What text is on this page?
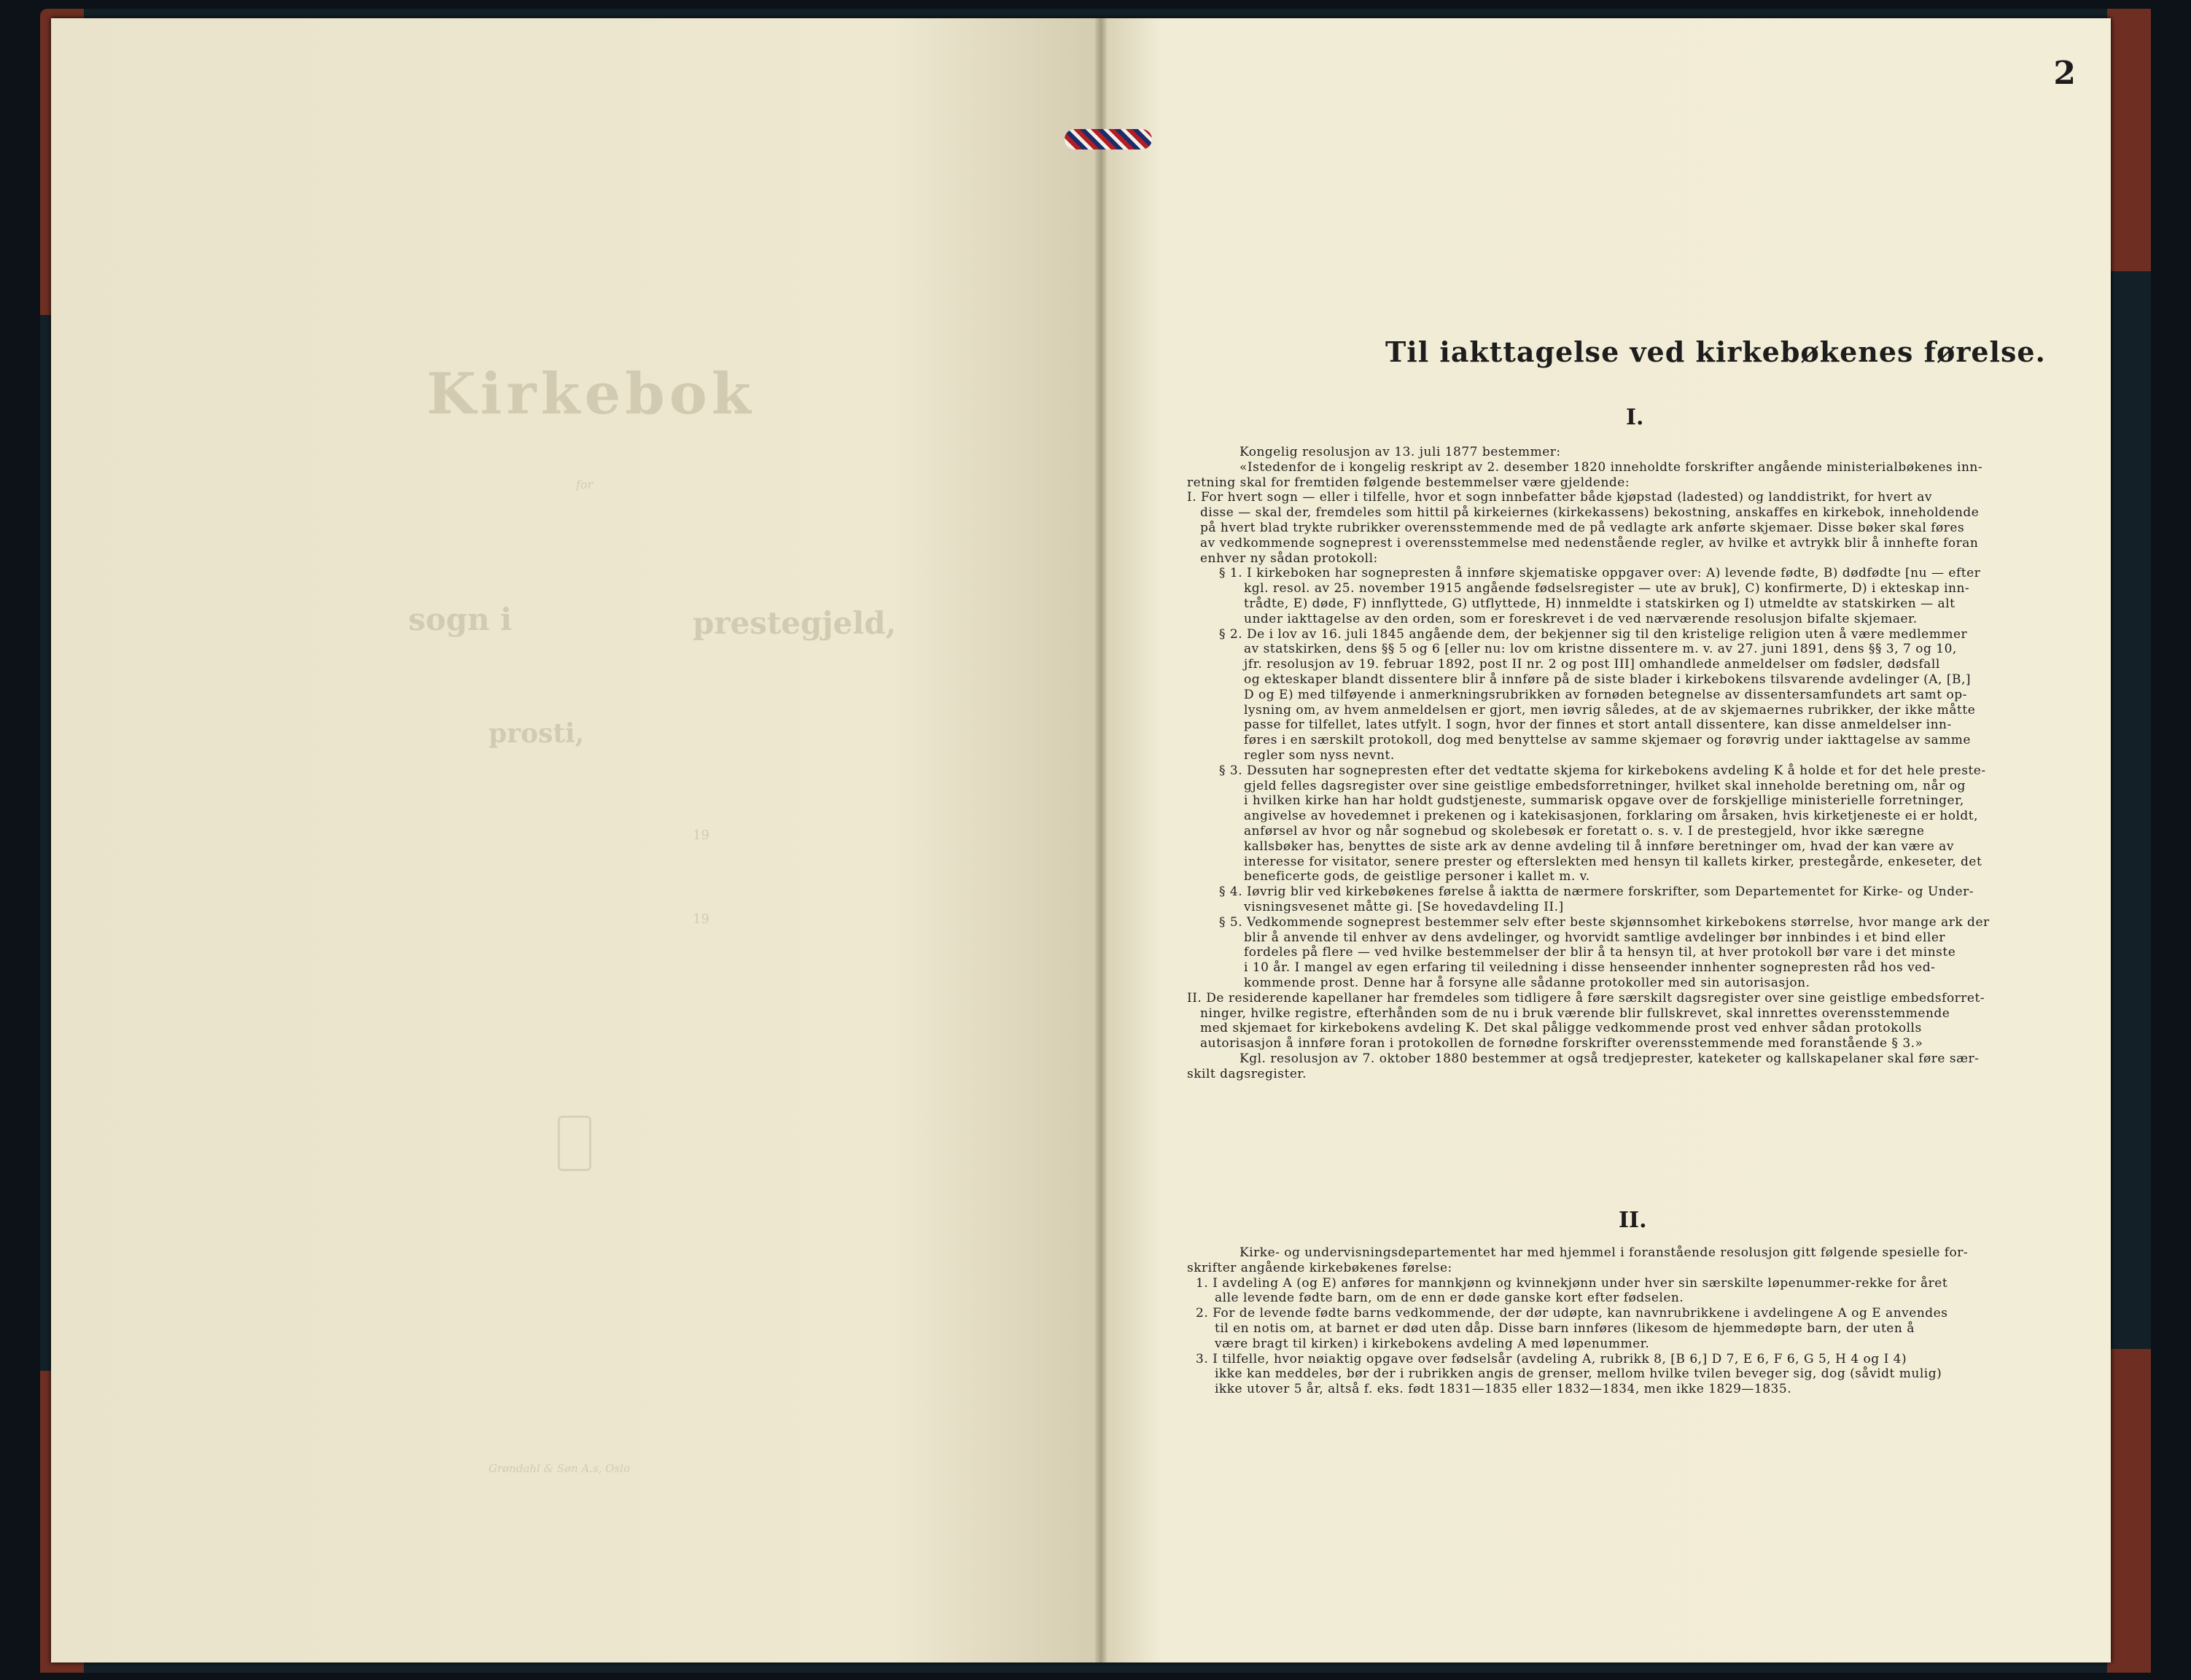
Kirkebok
for
sogn i	prestegjeld,
prosti,
19
19
Grøndahl & Søn A.s, Oslo
2
Til iakttagelse ved kirkebøkenes førelse.
I.
Kongelig resolusjon av 13. juli 1877 bestemmer:
«Istedenfor de i kongelig reskript av 2. desember 1820 inneholdte forskrifter angående ministerialbøkenes inn-
retning skal for fremtiden følgende bestemmelser være gjeldende:
I. For hvert sogn — eller i tilfelle, hvor et sogn innbefatter både kjøpstad (ladested) og landdistrikt, for hvert av
disse — skal der, fremdeles som hittil på kirkeiernes (kirkekassens) bekostning, anskaffes en kirkebok, inneholdende
på hvert blad trykte rubrikker overensstemmende med de på vedlagte ark anførte skjemaer. Disse bøker skal føres
av vedkommende sogneprest i overensstemmelse med nedenstående regler, av hvilke et avtrykk blir å innhefte foran
enhver ny sådan protokoll:
§ 1. I kirkeboken har sognepresten å innføre skjematiske oppgaver over: A) levende fødte, B) dødfødte [nu — efter
kgl. resol. av 25. november 1915 angående fødselsregister — ute av bruk], C) konfirmerte, D) i ekteskap inn-
trådte, E) døde, F) innflyttede, G) utflyttede, H) innmeldte i statskirken og I) utmeldte av statskirken — alt
under iakttagelse av den orden, som er foreskrevet i de ved nærværende resolusjon bifalte skjemaer.
§ 2. De i lov av 16. juli 1845 angående dem, der bekjenner sig til den kristelige religion uten å være medlemmer
av statskirken, dens §§ 5 og 6 [eller nu: lov om kristne dissentere m. v. av 27. juni 1891, dens §§ 3, 7 og 10,
jfr. resolusjon av 19. februar 1892, post II nr. 2 og post III] omhandlede anmeldelser om fødsler, dødsfall
og ekteskaper blandt dissentere blir å innføre på de siste blader i kirkebokens tilsvarende avdelinger (A, [B,]
D og E) med tilføyende i anmerkningsrubrikken av fornøden betegnelse av dissentersamfundets art samt op-
lysning om, av hvem anmeldelsen er gjort, men iøvrig således, at de av skjemaernes rubrikker, der ikke måtte
passe for tilfellet, lates utfylt. I sogn, hvor der finnes et stort antall dissentere, kan disse anmeldelser inn-
føres i en særskilt protokoll, dog med benyttelse av samme skjemaer og forøvrig under iakttagelse av samme
regler som nyss nevnt.
§ 3. Dessuten har sognepresten efter det vedtatte skjema for kirkebokens avdeling K å holde et for det hele preste-
gjeld felles dagsregister over sine geistlige embedsforretninger, hvilket skal inneholde beretning om, når og
i hvilken kirke han har holdt gudstjeneste, summarisk opgave over de forskjellige ministerielle forretninger,
angivelse av hovedemnet i prekenen og i katekisasjonen, forklaring om årsaken, hvis kirketjeneste ei er holdt,
anførsel av hvor og når sognebud og skolebesøk er foretatt o. s. v. I de prestegjeld, hvor ikke særegne
kallsbøker has, benyttes de siste ark av denne avdeling til å innføre beretninger om, hvad der kan være av
interesse for visitator, senere prester og efterslekten med hensyn til kallets kirker, prestegårde, enkeseter, det
beneficerte gods, de geistlige personer i kallet m. v.
§ 4. Iøvrig blir ved kirkebøkenes førelse å iaktta de nærmere forskrifter, som Departementet for Kirke- og Under-
visningsvesenet måtte gi. [Se hovedavdeling II.]
§ 5. Vedkommende sogneprest bestemmer selv efter beste skjønnsomhet kirkebokens størrelse, hvor mange ark der
blir å anvende til enhver av dens avdelinger, og hvorvidt samtlige avdelinger bør innbindes i et bind eller
fordeles på flere — ved hvilke bestemmelser der blir å ta hensyn til, at hver protokoll bør vare i det minste
i 10 år. I mangel av egen erfaring til veiledning i disse henseender innhenter sognepresten råd hos ved-
kommende prost. Denne har å forsyne alle sådanne protokoller med sin autorisasjon.
II. De residerende kapellaner har fremdeles som tidligere å føre særskilt dagsregister over sine geistlige embedsforret-
ninger, hvilke registre, efterhånden som de nu i bruk værende blir fullskrevet, skal innrettes overensstemmende
med skjemaet for kirkebokens avdeling K. Det skal påligge vedkommende prost ved enhver sådan protokolls
autorisasjon å innføre foran i protokollen de fornødne forskrifter overensstemmende med foranstående § 3.»
Kgl. resolusjon av 7. oktober 1880 bestemmer at også tredjeprester, kateketer og kallskapelaner skal føre sær-
skilt dagsregister.
II.
Kirke- og undervisningsdepartementet har med hjemmel i foranstående resolusjon gitt følgende spesielle for-
skrifter angående kirkebøkenes førelse:
1. I avdeling A (og E) anføres for mannkjønn og kvinnekjønn under hver sin særskilte løpenummer-rekke for året
alle levende fødte barn, om de enn er døde ganske kort efter fødselen.
2. For de levende fødte barns vedkommende, der dør udøpte, kan navnrubrikkene i avdelingene A og E anvendes
til en notis om, at barnet er død uten dåp. Disse barn innføres (likesom de hjemmedøpte barn, der uten å
være bragt til kirken) i kirkebokens avdeling A med løpenummer.
3. I tilfelle, hvor nøiaktig opgave over fødselsår (avdeling A, rubrikk 8, [B 6,] D 7, E 6, F 6, G 5, H 4 og I 4)
ikke kan meddeles, bør der i rubrikken angis de grenser, mellom hvilke tvilen beveger sig, dog (såvidt mulig)
ikke utover 5 år, altså f. eks. født 1831—1835 eller 1832—1834, men ikke 1829—1835.
